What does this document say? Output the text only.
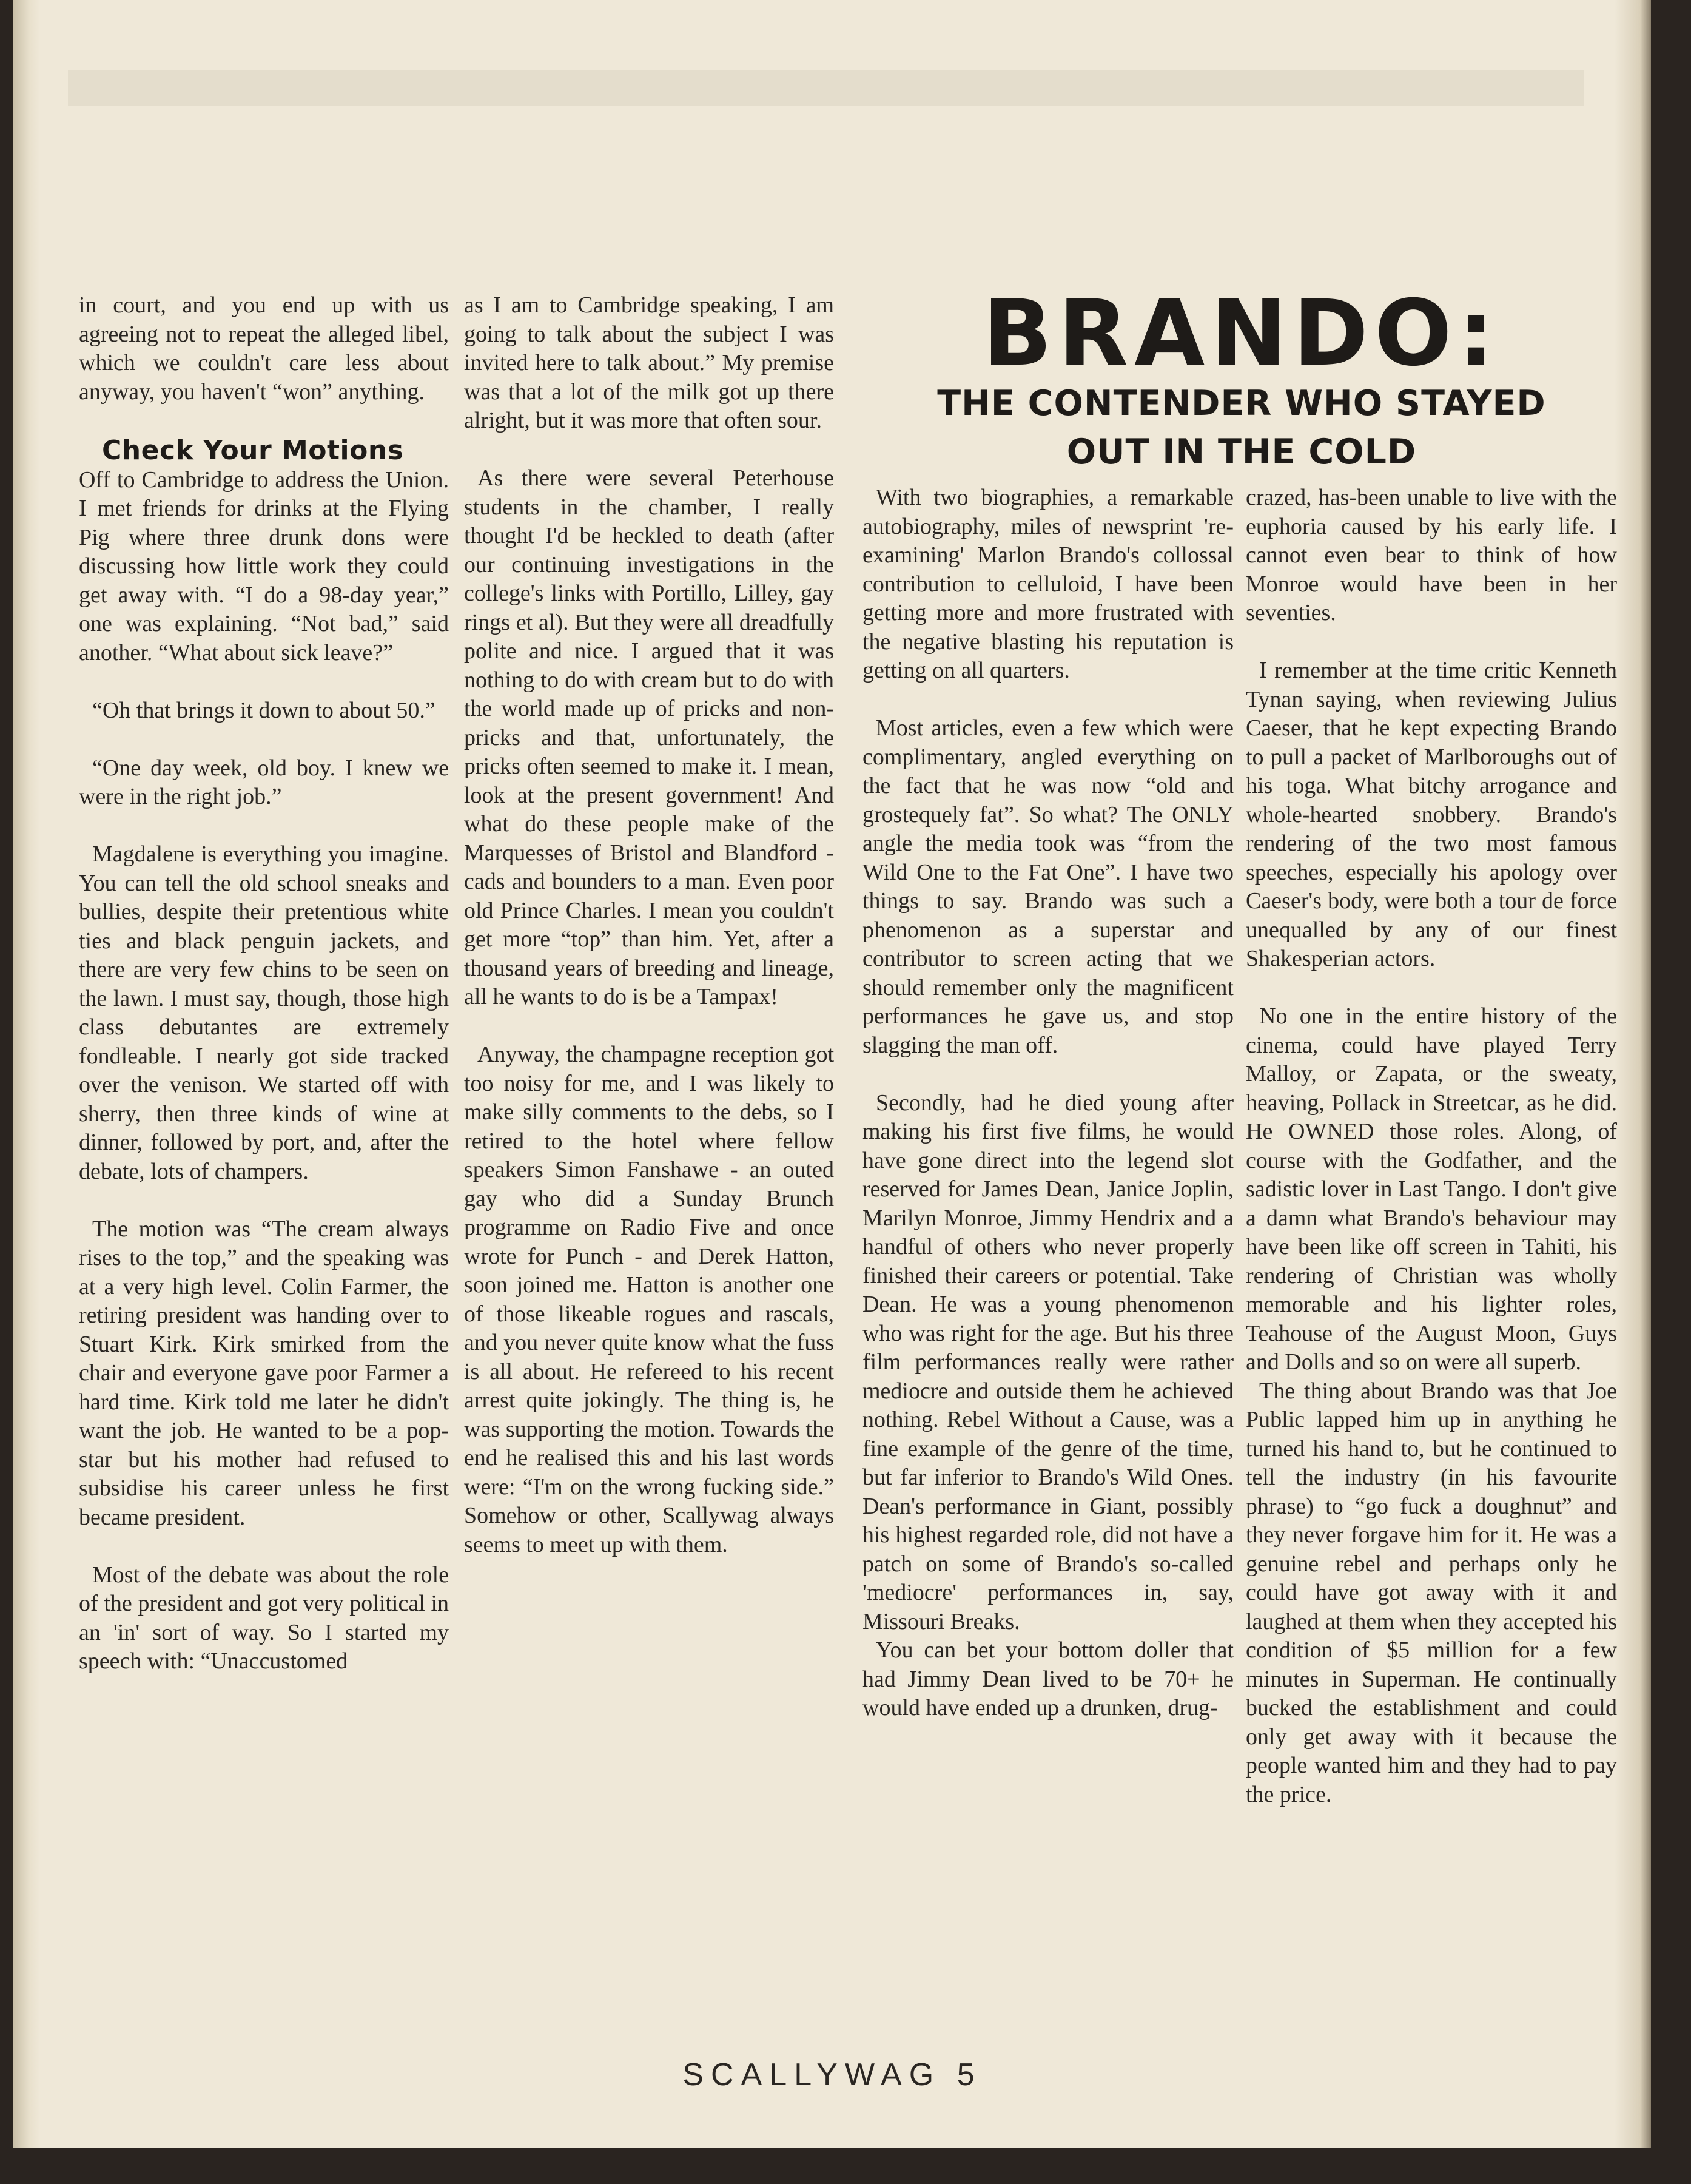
in court, and you end up with us agreeing not to repeat the alleged libel, which we couldn't care less about anyway, you haven't “won” anything.

Check Your Motions

Off to Cambridge to address the Union. I met friends for drinks at the Flying Pig where three drunk dons were discussing how little work they could get away with. “I do a 98-day year,” one was explaining. “Not bad,” said another. “What about sick leave?”

“Oh that brings it down to about 50.”

“One day week, old boy. I knew we were in the right job.”

Magdalene is everything you imagine. You can tell the old school sneaks and bullies, despite their pretentious white ties and black penguin jackets, and there are very few chins to be seen on the lawn. I must say, though, those high class debutantes are extremely fondleable. I nearly got side tracked over the venison. We started off with sherry, then three kinds of wine at dinner, followed by port, and, after the debate, lots of champers.

The motion was “The cream always rises to the top,” and the speaking was at a very high level. Colin Farmer, the retiring president was handing over to Stuart Kirk. Kirk smirked from the chair and everyone gave poor Farmer a hard time. Kirk told me later he didn't want the job. He wanted to be a pop-star but his mother had refused to subsidise his career unless he first became president.

Most of the debate was about the role of the president and got very political in an 'in' sort of way. So I started my speech with: “Unaccustomed

as I am to Cambridge speaking, I am going to talk about the subject I was invited here to talk about.” My premise was that a lot of the milk got up there alright, but it was more that often sour.

As there were several Peterhouse students in the chamber, I really thought I'd be heckled to death (after our continuing investigations in the college's links with Portillo, Lilley, gay rings et al). But they were all dreadfully polite and nice. I argued that it was nothing to do with cream but to do with the world made up of pricks and non-pricks and that, unfortunately, the pricks often seemed to make it. I mean, look at the present government! And what do these people make of the Marquesses of Bristol and Blandford - cads and bounders to a man. Even poor old Prince Charles. I mean you couldn't get more “top” than him. Yet, after a thousand years of breeding and lineage, all he wants to do is be a Tampax!

Anyway, the champagne reception got too noisy for me, and I was likely to make silly comments to the debs, so I retired to the hotel where fellow speakers Simon Fanshawe - an outed gay who did a Sunday Brunch programme on Radio Five and once wrote for Punch - and Derek Hatton, soon joined me. Hatton is another one of those likeable rogues and rascals, and you never quite know what the fuss is all about. He refereed to his recent arrest quite jokingly. The thing is, he was supporting the motion. Towards the end he realised this and his last words were: “I'm on the wrong fucking side.” Somehow or other, Scallywag always seems to meet up with them.

BRANDO:
THE CONTENDER WHO STAYED
OUT IN THE COLD

With two biographies, a remarkable autobiography, miles of newsprint 're-examining' Marlon Brando's collossal contribution to celluloid, I have been getting more and more frustrated with the negative blasting his reputation is getting on all quarters.

Most articles, even a few which were complimentary, angled everything on the fact that he was now “old and grostequely fat”. So what? The ONLY angle the media took was “from the Wild One to the Fat One”. I have two things to say. Brando was such a phenomenon as a superstar and contributor to screen acting that we should remember only the magnificent performances he gave us, and stop slagging the man off.

Secondly, had he died young after making his first five films, he would have gone direct into the legend slot reserved for James Dean, Janice Joplin, Marilyn Monroe, Jimmy Hendrix and a handful of others who never properly finished their careers or potential. Take Dean. He was a young phenomenon who was right for the age. But his three film performances really were rather mediocre and outside them he achieved nothing. Rebel Without a Cause, was a fine example of the genre of the time, but far inferior to Brando's Wild Ones. Dean's performance in Giant, possibly his highest regarded role, did not have a patch on some of Brando's so-called 'mediocre' performances in, say, Missouri Breaks.

You can bet your bottom doller that had Jimmy Dean lived to be 70+ he would have ended up a drunken, drug-

crazed, has-been unable to live with the euphoria caused by his early life. I cannot even bear to think of how Monroe would have been in her seventies.

I remember at the time critic Kenneth Tynan saying, when reviewing Julius Caeser, that he kept expecting Brando to pull a packet of Marlboroughs out of his toga. What bitchy arrogance and whole-hearted snobbery. Brando's rendering of the two most famous speeches, especially his apology over Caeser's body, were both a tour de force unequalled by any of our finest Shakesperian actors.

No one in the entire history of the cinema, could have played Terry Malloy, or Zapata, or the sweaty, heaving, Pollack in Streetcar, as he did. He OWNED those roles. Along, of course with the Godfather, and the sadistic lover in Last Tango. I don't give a damn what Brando's behaviour may have been like off screen in Tahiti, his rendering of Christian was wholly memorable and his lighter roles, Teahouse of the August Moon, Guys and Dolls and so on were all superb.

The thing about Brando was that Joe Public lapped him up in anything he turned his hand to, but he continued to tell the industry (in his favourite phrase) to “go fuck a doughnut” and they never forgave him for it. He was a genuine rebel and perhaps only he could have got away with it and laughed at them when they accepted his condition of $5 million for a few minutes in Superman. He continually bucked the establishment and could only get away with it because the people wanted him and they had to pay the price.

SCALLYWAG 5
